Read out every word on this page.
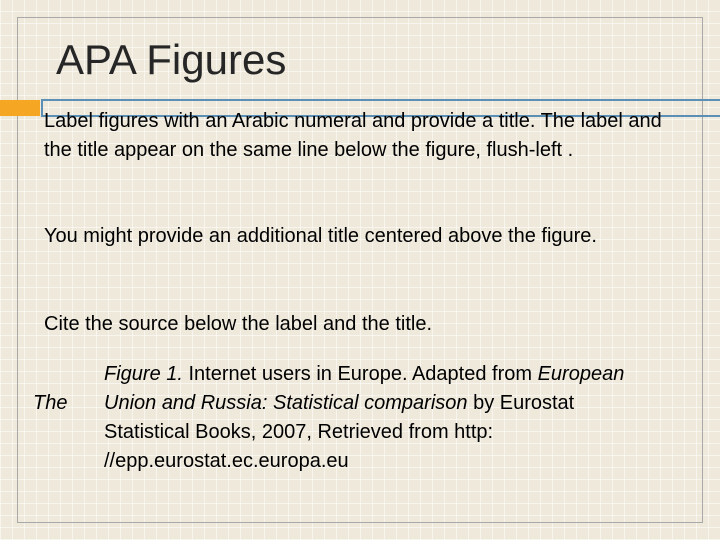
APA Figures
Label figures with an Arabic numeral and provide a title. The label and the title appear on the same line below the figure, flush-left .
You might provide an additional title centered above the figure.
Cite the source below the label and the title.
The
Figure 1. Internet users in Europe. Adapted from European Union and Russia: Statistical comparison by Eurostat Statistical Books, 2007, Retrieved from http: //epp.eurostat.ec.europa.eu
